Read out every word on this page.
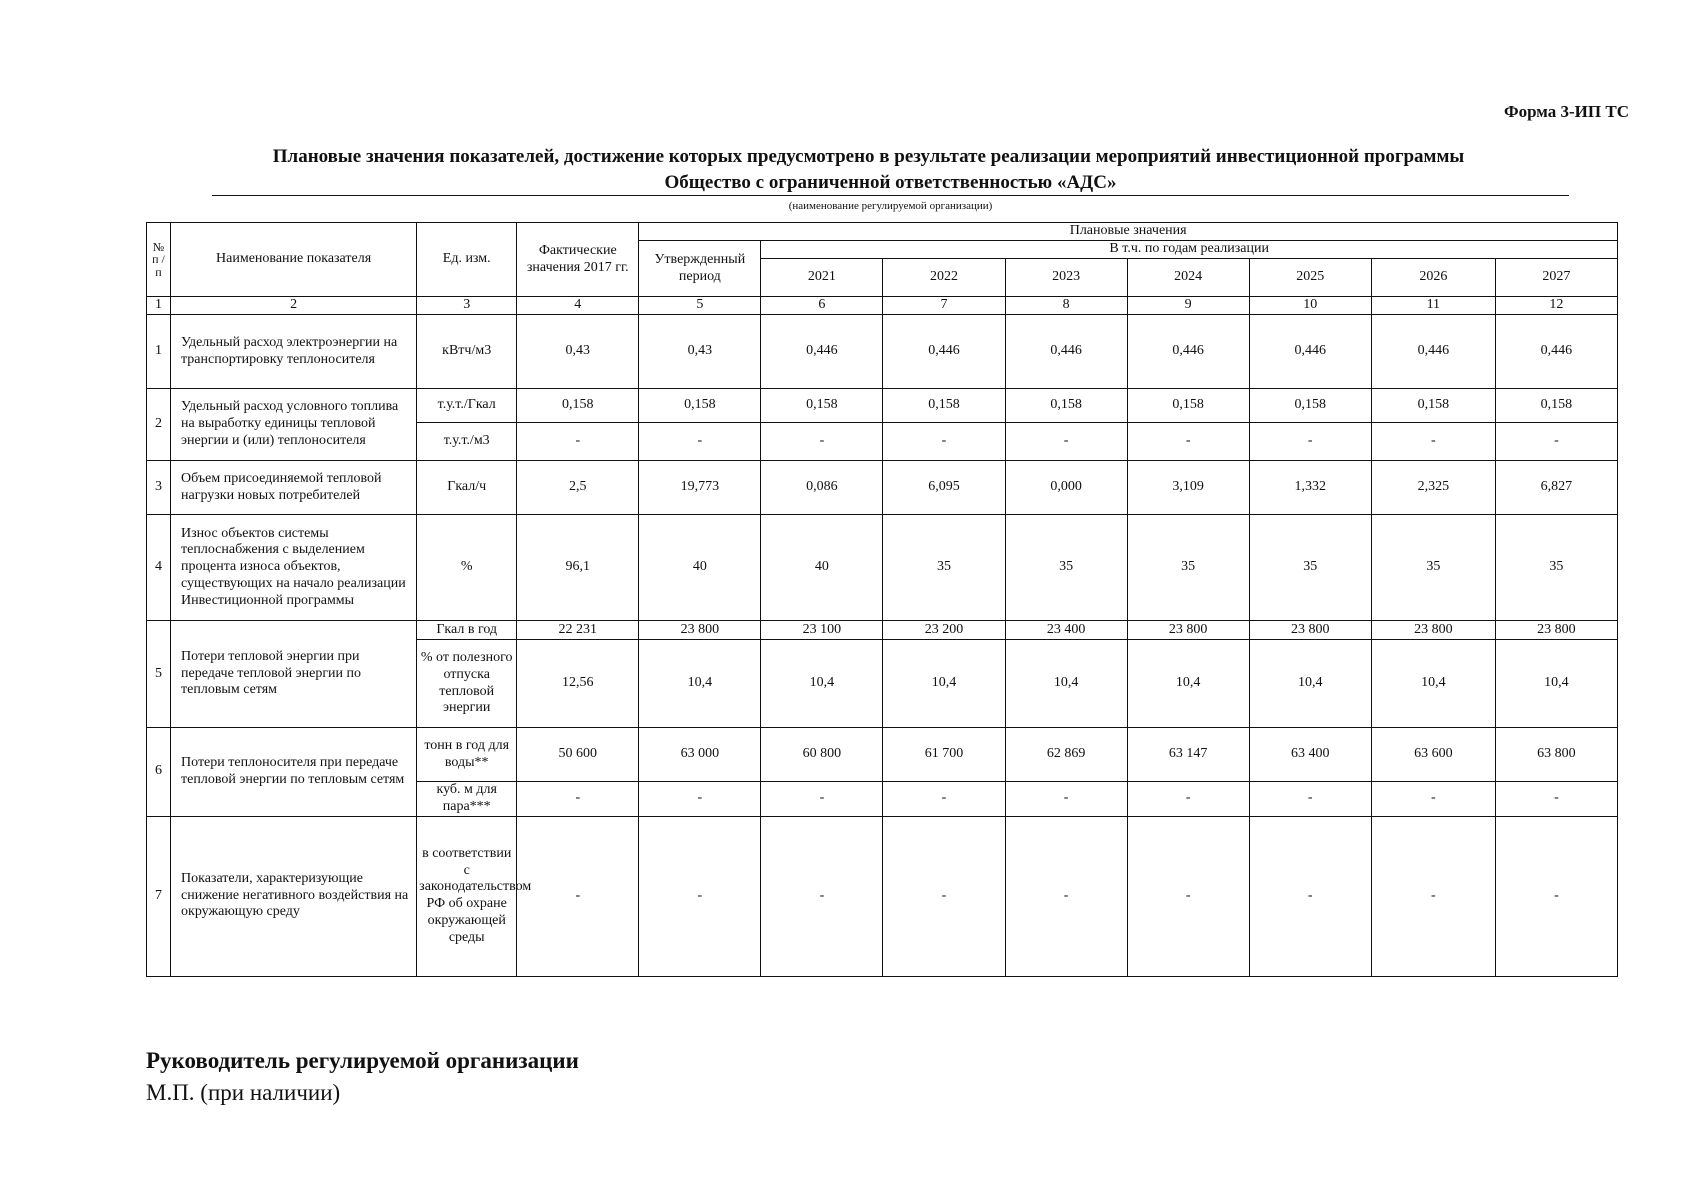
Форма 3-ИП ТС
Плановые значения показателей, достижение которых предусмотрено в результате реализации мероприятий инвестиционной программы
Общество с ограниченной ответственностью «АДС»
(наименование регулируемой организации)
№ п / п	Наименование показателя	Ед. изм.	Фактические значения 2017 гг.	Плановые значения							
				Утвержденный период	В т.ч. по годам реализации						
					2021	2022	2023	2024	2025	2026	2027
1	2	3	4	5	6	7	8	9	10	11	12
1	Удельный расход электроэнергии на транспортировку теплоносителя	кВтч/м3	0,43	0,43	0,446	0,446	0,446	0,446	0,446	0,446	0,446
2	Удельный расход условного топлива на выработку единицы тепловой энергии и (или) теплоносителя	т.у.т./Гкал	0,158	0,158	0,158	0,158	0,158	0,158	0,158	0,158	0,158
		т.у.т./м3	-	-	-	-	-	-	-	-	-
3	Объем присоединяемой тепловой нагрузки новых потребителей	Гкал/ч	2,5	19,773	0,086	6,095	0,000	3,109	1,332	2,325	6,827
4	Износ объектов системы теплоснабжения с выделением процента износа объектов, существующих на начало реализации Инвестиционной программы	%	96,1	40	40	35	35	35	35	35	35
5	Потери тепловой энергии при передаче тепловой энергии по тепловым сетям	Гкал в год	22 231	23 800	23 100	23 200	23 400	23 800	23 800	23 800	23 800
		% от полезного отпуска тепловой энергии	12,56	10,4	10,4	10,4	10,4	10,4	10,4	10,4	10,4
6	Потери теплоносителя при передаче тепловой энергии по тепловым сетям	тонн в год для воды**	50 600	63 000	60 800	61 700	62 869	63 147	63 400	63 600	63 800
		куб. м для пара***	-	-	-	-	-	-	-	-	-
7	Показатели, характеризующие снижение негативного воздействия на окружающую среду	в соответствии с законодательством РФ об охране окружающей среды	-	-	-	-	-	-	-	-	-
Руководитель регулируемой организации
М.П. (при наличии)
